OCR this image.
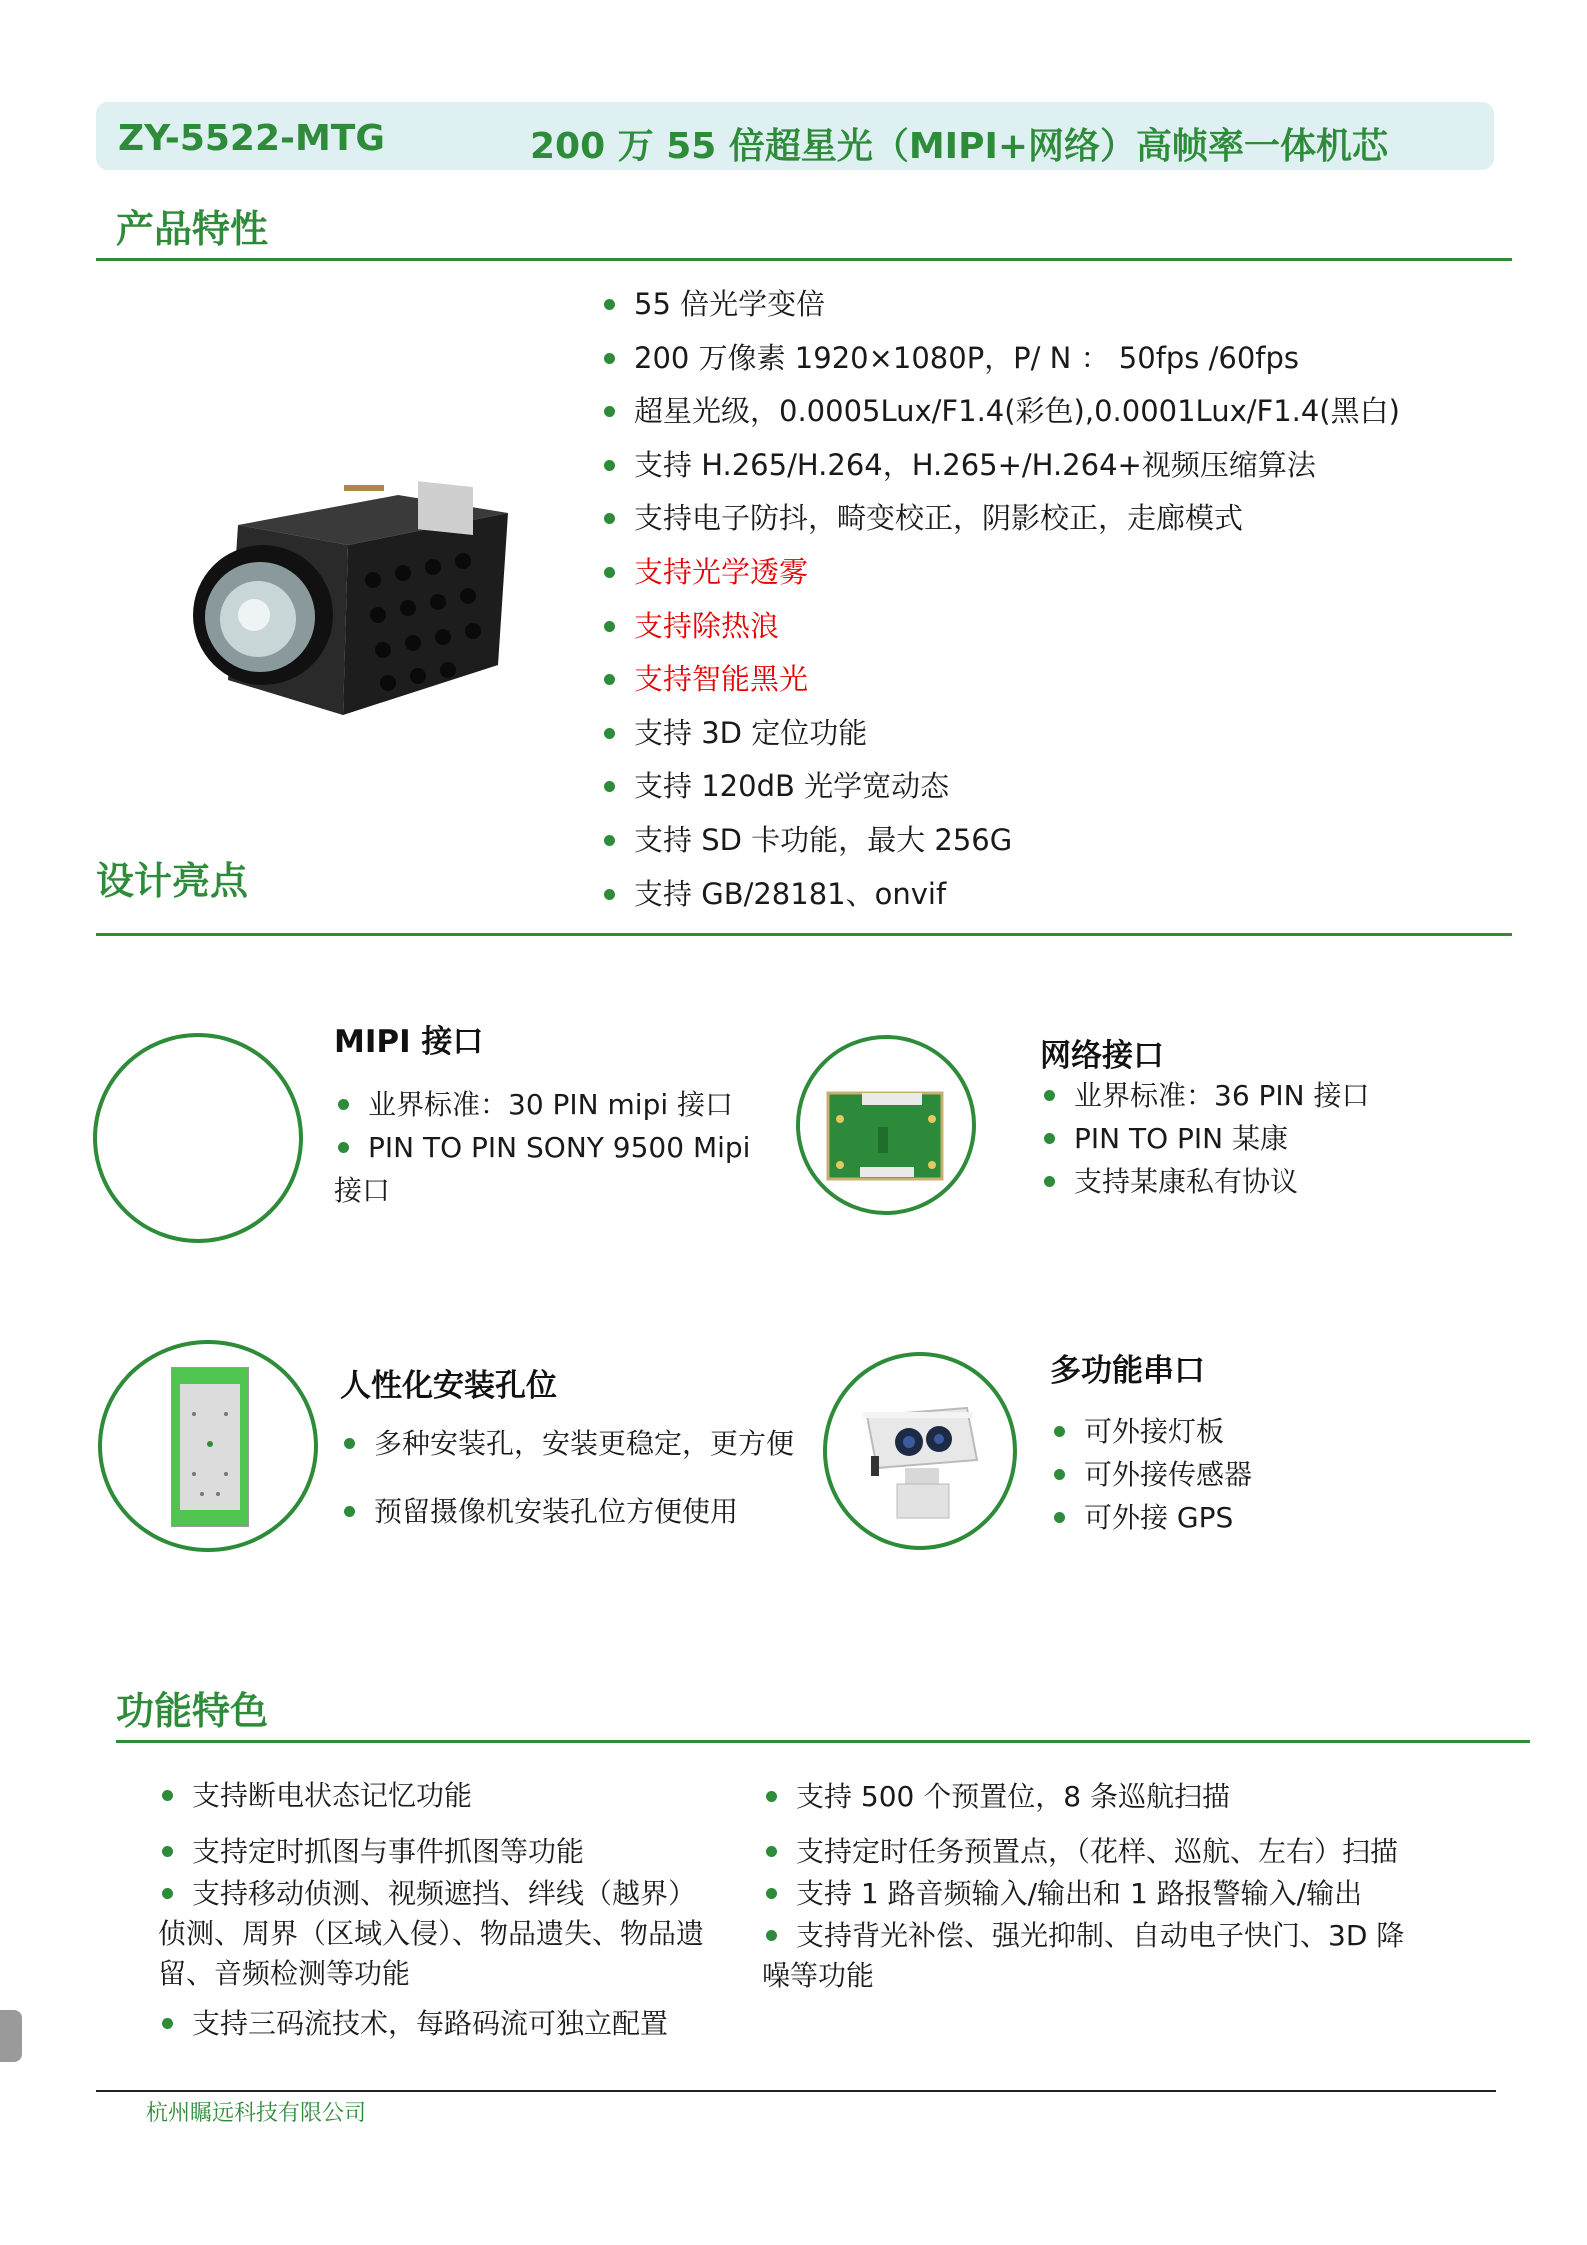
ZY-5522-MTG	200 万 55 倍超星光（MIPI+网络）高帧率一体机芯
产品特性
55 倍光学变倍
200 万像素 1920×1080P，P/ N ： 50fps /60fps
超星光级，0.0005Lux/F1.4(彩色),0.0001Lux/F1.4(黑白)
支持 H.265/H.264，H.265+/H.264+视频压缩算法
支持电子防抖，畸变校正，阴影校正，走廊模式
支持光学透雾
支持除热浪
支持智能黑光
支持 3D 定位功能
支持 120dB 光学宽动态
支持 SD 卡功能，最大 256G
支持 GB/28181、onvif
设计亮点
MIPI 接口
业界标准：30 PIN mipi 接口
PIN TO PIN SONY 9500 Mipi
接口
网络接口
业界标准：36 PIN 接口
PIN TO PIN 某康
支持某康私有协议
人性化安装孔位
多种安装孔，安装更稳定，更方便
预留摄像机安装孔位方便使用
多功能串口
可外接灯板
可外接传感器
可外接 GPS
功能特色
支持断电状态记忆功能
支持定时抓图与事件抓图等功能
支持移动侦测、视频遮挡、绊线（越界）侦测、周界（区域入侵）、物品遗失、物品遗留、音频检测等功能
支持三码流技术，每路码流可独立配置
支持 500 个预置位，8 条巡航扫描
支持定时任务预置点，（花样、巡航、左右）扫描
支持 1 路音频输入/输出和 1 路报警输入/输出
支持背光补偿、强光抑制、自动电子快门、3D 降噪等功能
杭州瞩远科技有限公司
